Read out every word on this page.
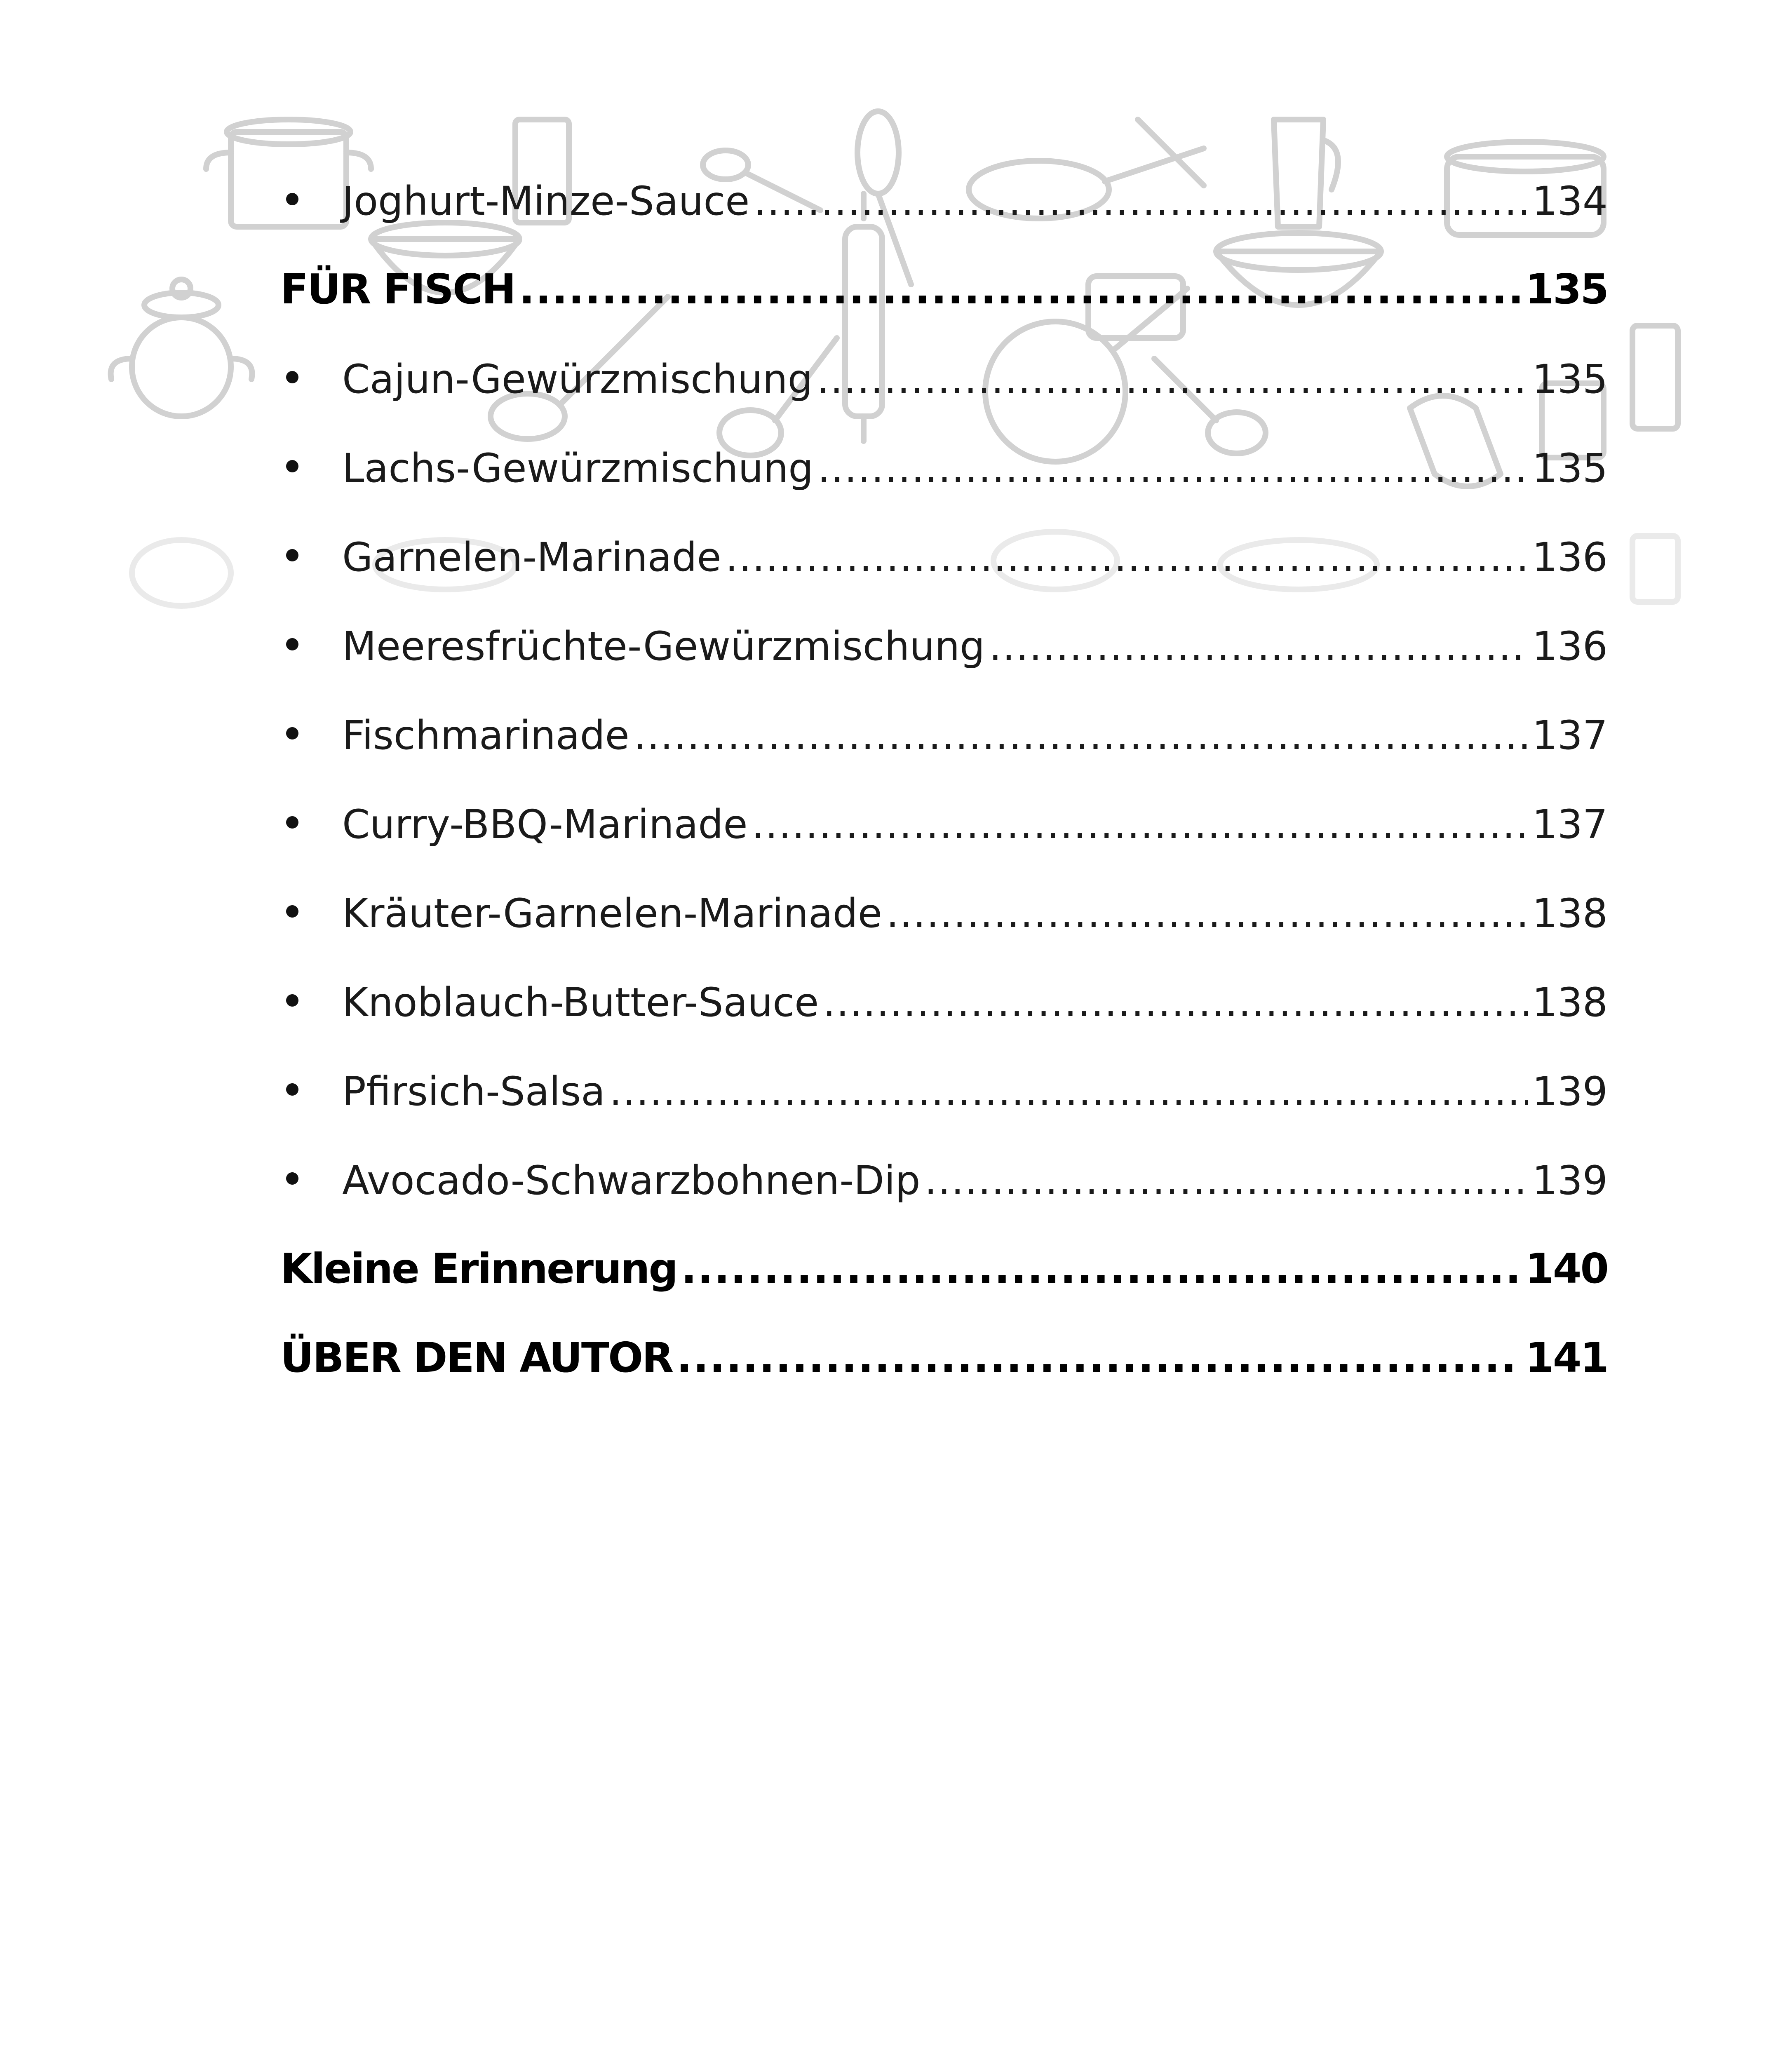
Joghurt-Minze-Sauce .....	134
FÜR FISCH .....	135
Cajun-Gewürzmischung .....	135
Lachs-Gewürzmischung .....	135
Garnelen-Marinade .....	136
Meeresfrüchte-Gewürzmischung .....	136
Fischmarinade .....	137
Curry-BBQ-Marinade .....	137
Kräuter-Garnelen-Marinade .....	138
Knoblauch-Butter-Sauce .....	138
Pfirsich-Salsa .....	139
Avocado-Schwarzbohnen-Dip .....	139
Kleine Erinnerung .....	140
ÜBER DEN AUTOR .....	141
